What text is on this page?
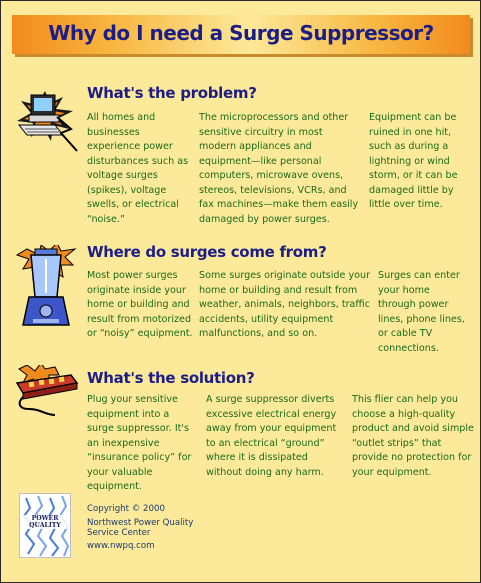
Why do I need a Surge Suppressor?
What's the problem?
All homes and businesses experience power disturbances such as voltage surges (spikes), voltage swells, or electrical “noise.”
The microprocessors and other sensitive circuitry in most modern appliances and equipment—like personal computers, microwave ovens, stereos, televisions, VCRs, and fax machines—make them easily damaged by power surges.
Equipment can be ruined in one hit, such as during a lightning or wind storm, or it can be damaged little by little over time.
Where do surges come from?
Most power surges originate inside your home or building and result from motorized or “noisy” equipment.
Some surges originate outside your home or building and result from weather, animals, neighbors, traffic accidents, utility equipment malfunctions, and so on.
Surges can enter your home through power lines, phone lines, or cable TV connections.
What's the solution?
Plug your sensitive equipment into a surge suppressor. It's an inexpensive “insurance policy” for your valuable equipment.
A surge suppressor diverts excessive electrical energy away from your equipment to an electrical “ground” where it is dissipated without doing any harm.
This flier can help you choose a high-quality product and avoid simple “outlet strips” that provide no protection for your equipment.
POWER QUALITY
Copyright © 2000
Northwest Power Quality
Service Center
www.nwpq.com
